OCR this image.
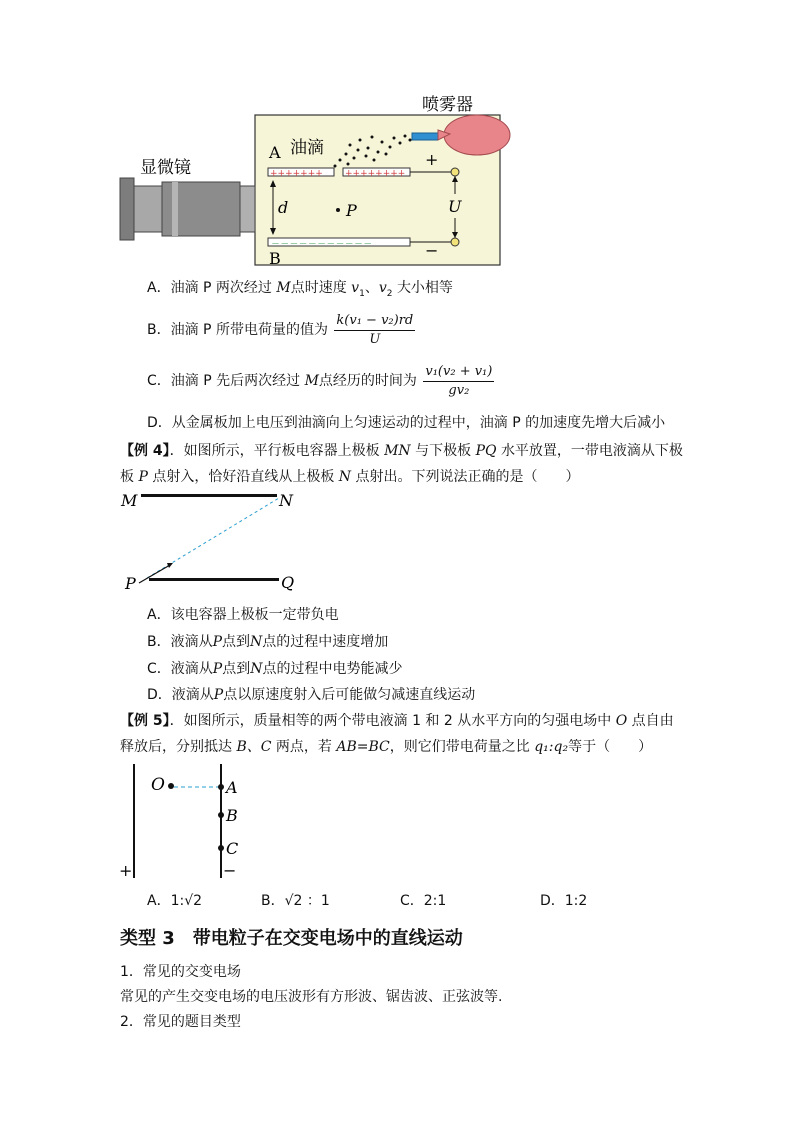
显微镜
喷雾器
油滴
A
+++++++ ++++++++
+
— — — — — — — — — — —
B	−
d	P	U
A．油滴 P 两次经过 M点时速度 $v_1$、$v_2$ 大小相等
B．油滴 P 所带电荷量的值为 $\frac{\text{k(v₁ − v₂)rd}}{U}$
C．油滴 P 先后两次经过 M点经历的时间为 $\frac{\text{v₁(v₂ + v₁)}}{\text{gv₂}}$
D．从金属板加上电压到油滴向上匀速运动的过程中，油滴 P 的加速度先增大后减小
【例 4】．如图所示，平行板电容器上极板 MN 与下极板 PQ 水平放置，一带电液滴从下极
板 P 点射入，恰好沿直线从上极板 N 点射出。下列说法正确的是（　　）
M	N
P	Q
A．该电容器上极板一定带负电
B．液滴从P点到N点的过程中速度增加
C．液滴从P点到N点的过程中电势能减少
D．液滴从P点以原速度射入后可能做匀减速直线运动
【例 5】．如图所示，质量相等的两个带电液滴 1 和 2 从水平方向的匀强电场中 O 点自由
释放后，分别抵达 B、C 两点，若 AB=BC，则它们带电荷量之比 q₁:q₂等于（　　）
O	A
B
C
+	−
A．1:√2	B．√2 ：1	C．2:1	D．1:2
类型 3　带电粒子在交变电场中的直线运动
1．常见的交变电场
常见的产生交变电场的电压波形有方形波、锯齿波、正弦波等.
2．常见的题目类型
